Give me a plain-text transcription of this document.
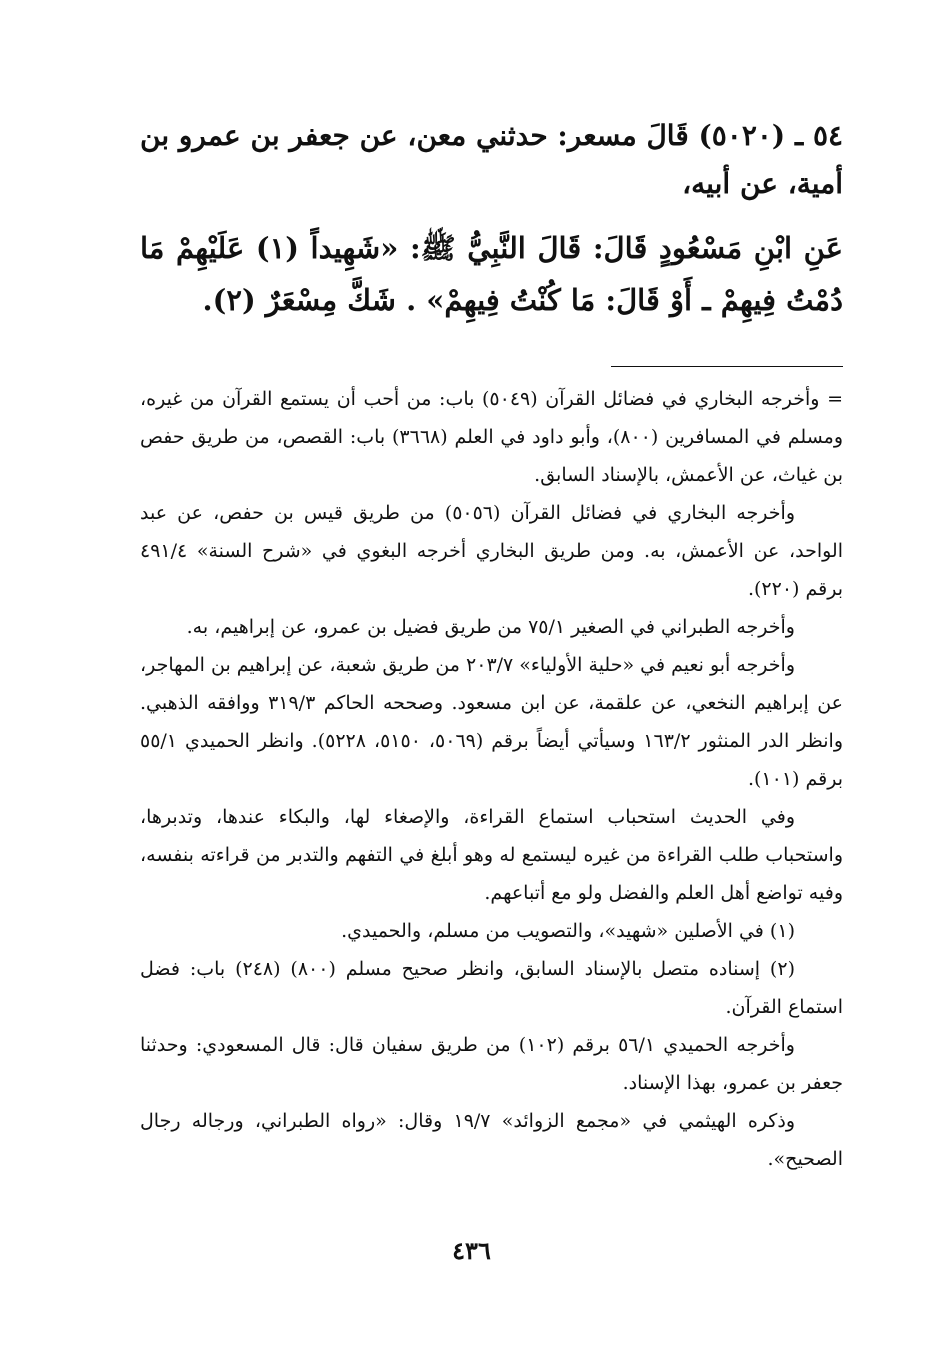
٥٤ ـ (٥٠٢٠) قَالَ مسعر: حدثني معن، عن جعفر بن عمرو بن أمية، عن أبيه،

عَنِ ابْنِ مَسْعُودٍ قَالَ: قَالَ النَّبِيُّ ﷺ: «شَهِيداً (١) عَلَيْهِمْ مَا دُمْتُ فِيهِمْ ـ أَوْ قَالَ: مَا كُنْتُ فِيهِمْ» . شَكَّ مِسْعَرٌ (٢).

= وأخرجه البخاري في فضائل القرآن (٥٠٤٩) باب: من أحب أن يستمع القرآن من غيره، ومسلم في المسافرين (٨٠٠)، وأبو داود في العلم (٣٦٦٨) باب: القصص، من طريق حفص بن غياث، عن الأعمش، بالإسناد السابق.

وأخرجه البخاري في فضائل القرآن (٥٠٥٦) من طريق قيس بن حفص، عن عبد الواحد، عن الأعمش، به. ومن طريق البخاري أخرجه البغوي في «شرح السنة» ٤٩١/٤ برقم (٢٢٠).

وأخرجه الطبراني في الصغير ٧٥/١ من طريق فضيل بن عمرو، عن إبراهيم، به.

وأخرجه أبو نعيم في «حلية الأولياء» ٢٠٣/٧ من طريق شعبة، عن إبراهيم بن المهاجر، عن إبراهيم النخعي، عن علقمة، عن ابن مسعود. وصححه الحاكم ٣١٩/٣ ووافقه الذهبي. وانظر الدر المنثور ١٦٣/٢ وسيأتي أيضاً برقم (٥٠٦٩، ٥١٥٠، ٥٢٢٨). وانظر الحميدي ٥٥/١ برقم (١٠١).

وفي الحديث استحباب استماع القراءة، والإصغاء لها، والبكاء عندها، وتدبرها، واستحباب طلب القراءة من غيره ليستمع له وهو أبلغ في التفهم والتدبر من قراءته بنفسه، وفيه تواضع أهل العلم والفضل ولو مع أتباعهم.

(١) في الأصلين «شهيد»، والتصويب من مسلم، والحميدي.

(٢) إسناده متصل بالإسناد السابق، وانظر صحيح مسلم (٨٠٠) (٢٤٨) باب: فضل استماع القرآن.

وأخرجه الحميدي ٥٦/١ برقم (١٠٢) من طريق سفيان قال: قال المسعودي: وحدثنا جعفر بن عمرو، بهذا الإسناد.

وذكره الهيثمي في «مجمع الزوائد» ١٩/٧ وقال: «رواه الطبراني، ورجاله رجال الصحيح».

٤٣٦
